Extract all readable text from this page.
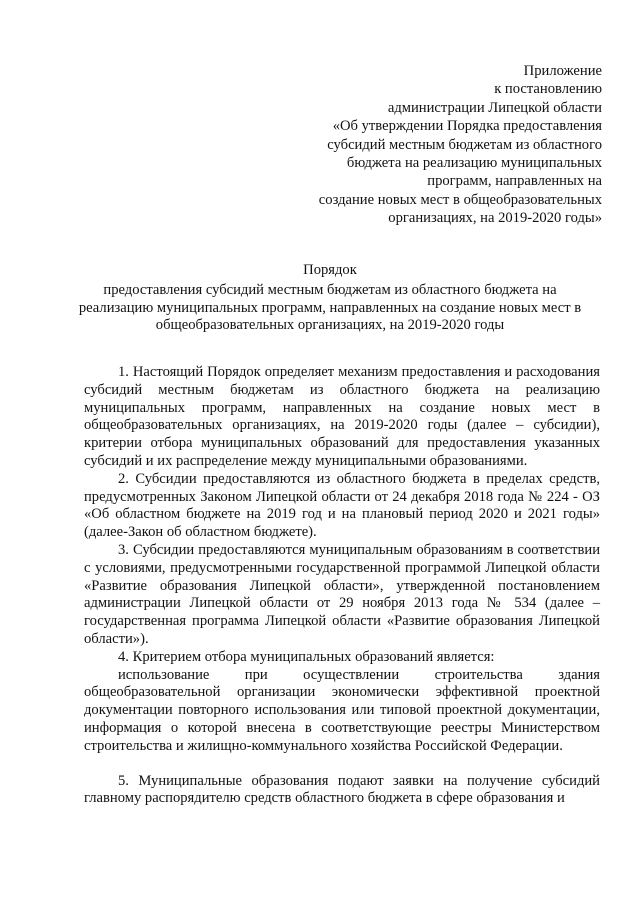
Приложение
к постановлению
администрации Липецкой области
«Об утверждении Порядка предоставления
субсидий местным бюджетам из областного
бюджета на реализацию муниципальных
программ, направленных на
создание новых мест в общеобразовательных
организациях, на 2019-2020 годы»
Порядок
предоставления субсидий местным бюджетам из областного бюджета на
реализацию муниципальных программ, направленных на создание новых мест в
общеобразовательных организациях, на 2019-2020 годы

1. Настоящий Порядок определяет механизм предоставления и расходования субсидий местным бюджетам из областного бюджета на реализацию муниципальных программ, направленных на создание новых мест в общеобразовательных организациях, на 2019-2020 годы (далее – субсидии), критерии отбора муниципальных образований для предоставления указанных субсидий и их распределение между муниципальными образованиями.

2. Субсидии предоставляются из областного бюджета в пределах средств, предусмотренных Законом Липецкой области от 24 декабря 2018 года № 224 - ОЗ «Об областном бюджете на 2019 год и на плановый период 2020 и 2021 годы» (далее-Закон об областном бюджете).

3. Субсидии предоставляются муниципальным образованиям в соответствии с условиями, предусмотренными государственной программой Липецкой области «Развитие образования Липецкой области», утвержденной постановлением администрации Липецкой области от 29 ноября 2013 года № 534 (далее – государственная программа Липецкой области «Развитие образования Липецкой области»).

4. Критерием отбора муниципальных образований является:

использование при осуществлении строительства здания общеобразовательной организации экономически эффективной проектной документации повторного использования или типовой проектной документации, информация о которой внесена в соответствующие реестры Министерством строительства и жилищно-коммунального хозяйства Российской Федерации.

5. Муниципальные образования подают заявки на получение субсидий главному распорядителю средств областного бюджета в сфере образования и
